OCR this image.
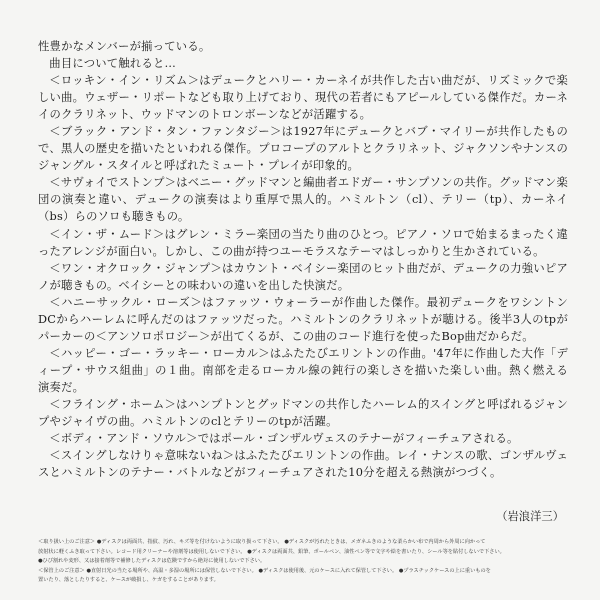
性豊かなメンバーが揃っている。

曲目について触れると…

＜ロッキン・イン・リズム＞はデュークとハリー・カーネイが共作した古い曲だが、リズミックで楽しい曲。ウェザー・リポートなども取り上げており、現代の若者にもアピールしている傑作だ。カーネイのクラリネット、ウッドマンのトロンボーンなどが活躍する。

＜ブラック・アンド・タン・ファンタジー＞は1927年にデュークとバブ・マイリーが共作したもので、黒人の歴史を描いたといわれる傑作。プロコープのアルトとクラリネット、ジャクソンやナンスのジャングル・スタイルと呼ばれたミュート・プレイが印象的。

＜サヴォイでストンプ＞はベニー・グッドマンと編曲者エドガー・サンプソンの共作。グッドマン楽団の演奏と違い、デュークの演奏はより重厚で黒人的。ハミルトン（cl）、テリー（tp）、カーネイ（bs）らのソロも聴きもの。

＜イン・ザ・ムード＞はグレン・ミラー楽団の当たり曲のひとつ。ピアノ・ソロで始まるまったく違ったアレンジが面白い。しかし、この曲が持つユーモラスなテーマはしっかりと生かされている。

＜ワン・オクロック・ジャンプ＞はカウント・ベイシー楽団のヒット曲だが、デュークの力強いピアノが聴きもの。ベイシーとの味わいの違いを出した快演だ。

＜ハニーサックル・ローズ＞はファッツ・ウォーラーが作曲した傑作。最初デュークをワシントンDCからハーレムに呼んだのはファッツだった。ハミルトンのクラリネットが聴ける。後半3人のtpがパーカーの＜アンソロポロジー＞が出てくるが、この曲のコード進行を使ったBop曲だからだ。

＜ハッピー・ゴー・ラッキー・ローカル＞はふたたびエリントンの作曲。'47年に作曲した大作「ディープ・サウス組曲」の１曲。南部を走るローカル線の鈍行の楽しさを描いた楽しい曲。熱く燃える演奏だ。

＜フライング・ホーム＞はハンプトンとグッドマンの共作したハーレム的スイングと呼ばれるジャンプやジャイヴの曲。ハミルトンのclとテリーのtpが活躍。

＜ボディ・アンド・ソウル＞ではポール・ゴンザルヴェスのテナーがフィーチュアされる。

＜スイングしなけりゃ意味ないね＞はふたたびエリントンの作曲。レイ・ナンスの歌、ゴンザルヴェスとハミルトンのテナー・バトルなどがフィーチュアされた10分を超える熱演がつづく。

（岩浪洋三）

＜取り扱い上のご注意＞ ●ディスクは両面共、指紋、汚れ、キズ等を付けないように取り扱って下さい。 ●ディスクが汚れたときは、メガネふきのような柔らかい布で内周から外周に向かって

放射状に軽くふき取って下さい。レコード用クリーナーや溶剤等は使用しないで下さい。 ●ディスクは両面共、鉛筆、ボールペン、油性ペン等で文字や絵を書いたり、シール等を貼付しないで下さい。

●ひび割れや変形、又は接着剤等で補修したディスクは危険ですから絶対に使用しないで下さい。

＜保管上のご注意＞ ●直射日光の当たる場所や、高温・多湿の場所には保管しないで下さい。 ●ディスクは使用後、元のケースに入れて保管して下さい。 ●プラスチックケースの上に重いものを

置いたり、落としたりすると、ケースが破損し、ケガをすることがあります。
